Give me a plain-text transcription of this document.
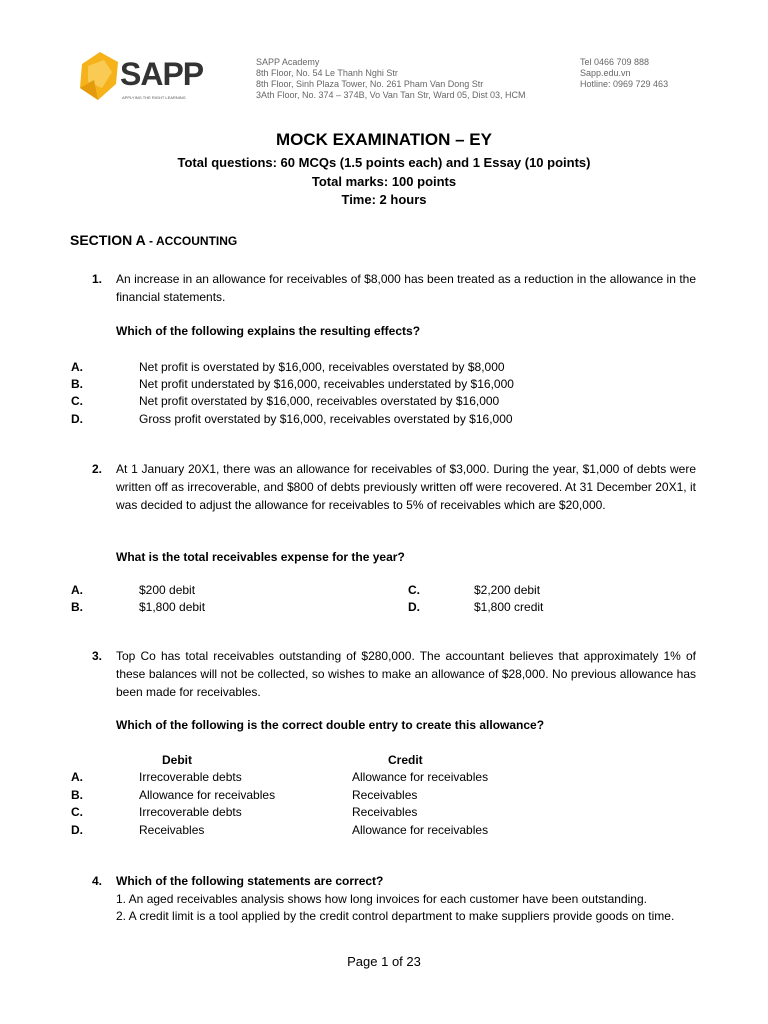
SAPP
APPLYING THE RIGHT LEARNING
SAPP Academy
8th Floor, No. 54 Le Thanh Nghi Str
8th Floor, Sinh Plaza Tower, No. 261 Pham Van Dong Str
3Ath Floor, No. 374 – 374B, Vo Van Tan Str, Ward 05, Dist 03, HCM
Tel 0466 709 888
Sapp.edu.vn
Hotline: 0969 729 463
MOCK EXAMINATION – EY
Total questions: 60 MCQs (1.5 points each) and 1 Essay (10 points)
Total marks: 100 points
Time: 2 hours
SECTION A - ACCOUNTING
1. An increase in an allowance for receivables of $8,000 has been treated as a reduction in the allowance in the financial statements.
Which of the following explains the resulting effects?
A.	Net profit is overstated by $16,000, receivables overstated by $8,000
B.	Net profit understated by $16,000, receivables understated by $16,000
C.	Net profit overstated by $16,000, receivables overstated by $16,000
D.	Gross profit overstated by $16,000, receivables overstated by $16,000
2. At 1 January 20X1, there was an allowance for receivables of $3,000. During the year, $1,000 of debts were written off as irrecoverable, and $800 of debts previously written off were recovered. At 31 December 20X1, it was decided to adjust the allowance for receivables to 5% of receivables which are $20,000.
What is the total receivables expense for the year?
A.	$200 debit
B.	$1,800 debit
C.	$2,200 debit
D.	$1,800 credit
3. Top Co has total receivables outstanding of $280,000. The accountant believes that approximately 1% of these balances will not be collected, so wishes to make an allowance of $28,000. No previous allowance has been made for receivables.
Which of the following is the correct double entry to create this allowance?
Debit	Credit
A.	Irrecoverable debts	Allowance for receivables
B.	Allowance for receivables	Receivables
C.	Irrecoverable debts	Receivables
D.	Receivables	Allowance for receivables
4. Which of the following statements are correct?
1. An aged receivables analysis shows how long invoices for each customer have been outstanding.
2. A credit limit is a tool applied by the credit control department to make suppliers provide goods on time.
Page 1 of 23
